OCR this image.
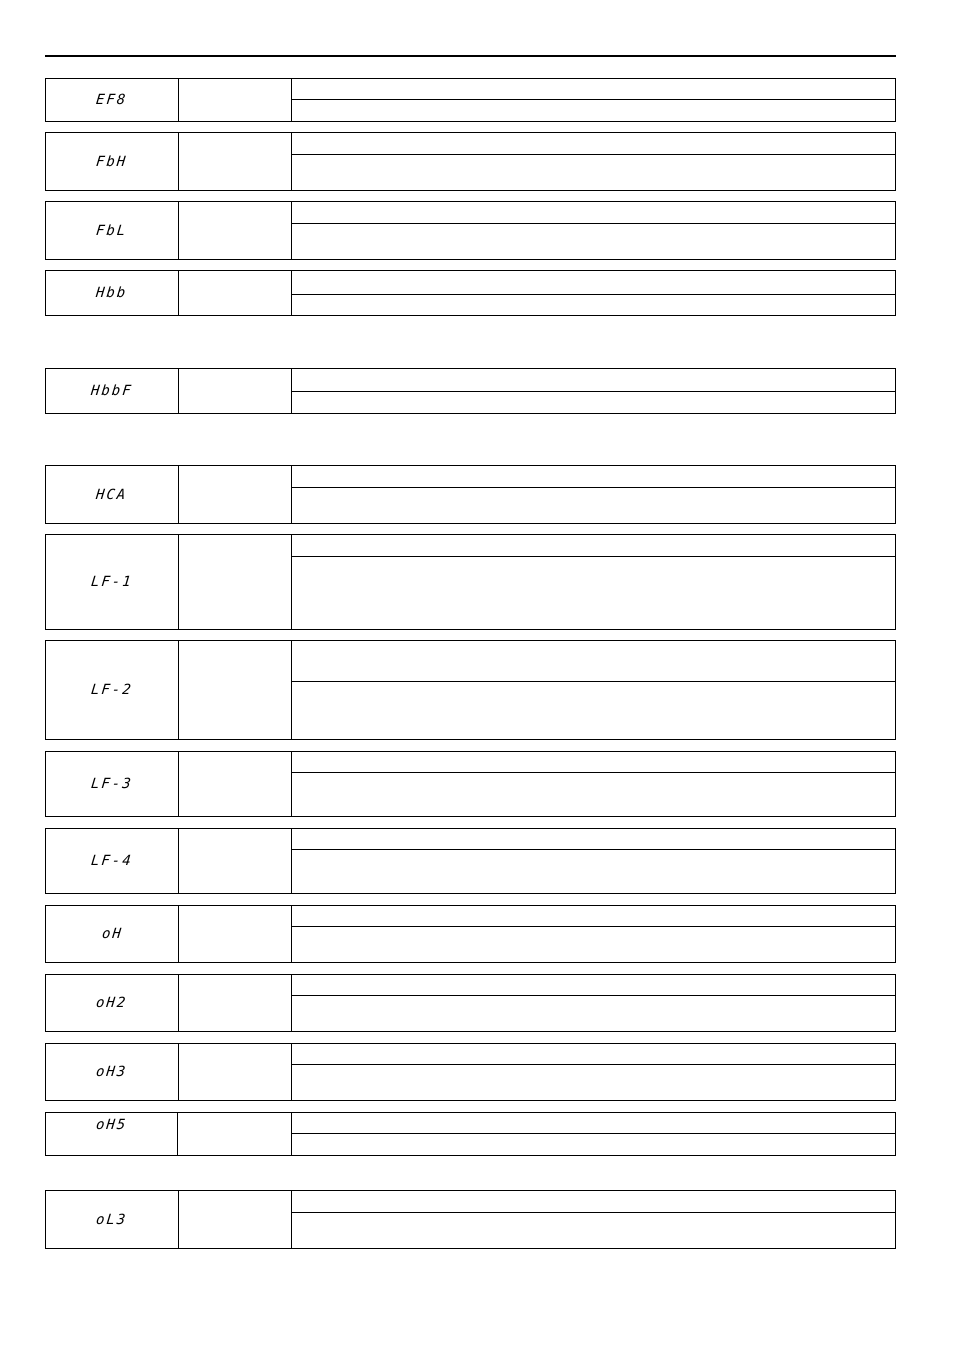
EF8
FbH
FbL
Hbb
HbbF
HCA
LF-1
LF-2
LF-3
LF-4
oH
oH2
oH3
oH5
oL3
